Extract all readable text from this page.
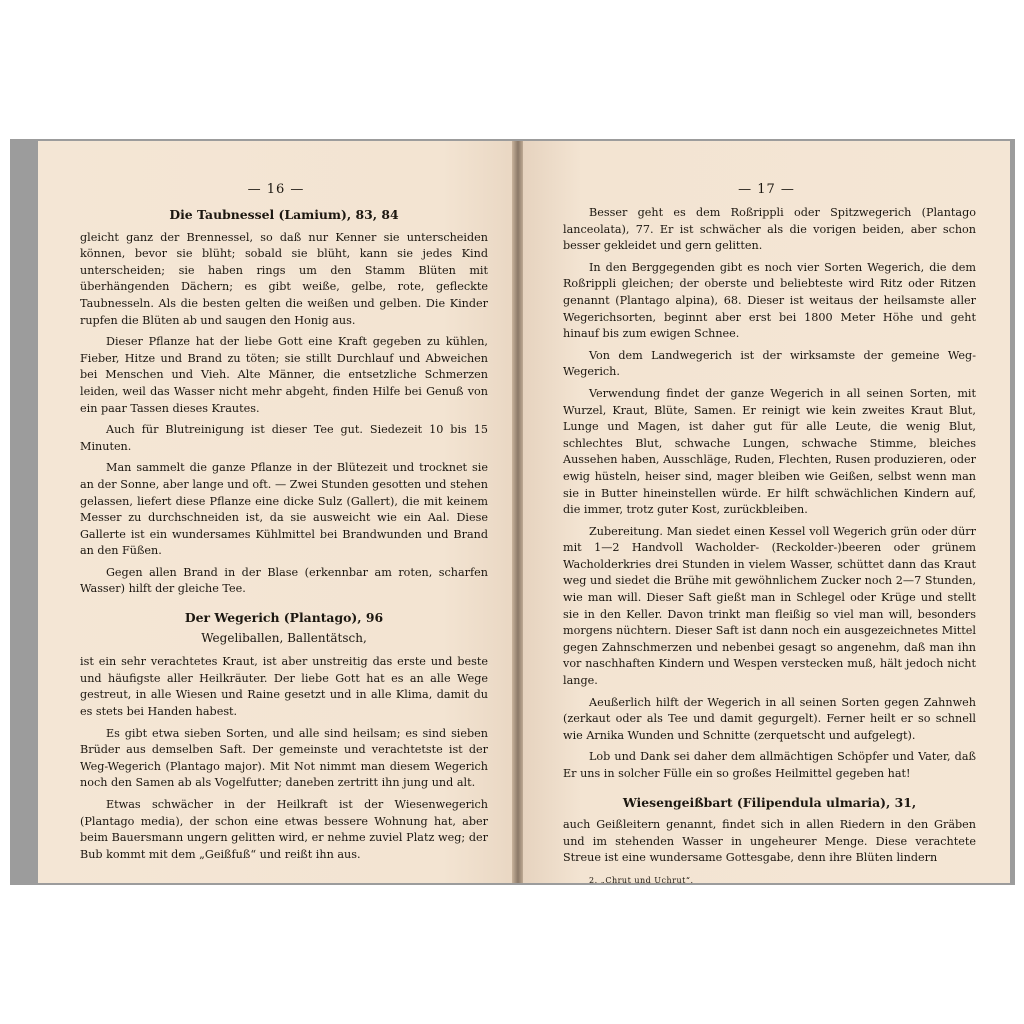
— 16 —
Die Taubnessel (Lamium), 83, 84

gleicht ganz der Brennessel, so daß nur Kenner sie unterscheiden können, bevor sie blüht; sobald sie blüht, kann sie jedes Kind unterscheiden; sie haben rings um den Stamm Blüten mit überhängenden Dächern; es gibt weiße, gelbe, rote, gefleckte Taubnesseln. Als die besten gelten die weißen und gelben. Die Kinder rupfen die Blüten ab und saugen den Honig aus.

Dieser Pflanze hat der liebe Gott eine Kraft gegeben zu kühlen, Fieber, Hitze und Brand zu töten; sie stillt Durchlauf und Abweichen bei Menschen und Vieh. Alte Männer, die entsetzliche Schmerzen leiden, weil das Wasser nicht mehr abgeht, finden Hilfe bei Genuß von ein paar Tassen dieses Krautes.

Auch für Blutreinigung ist dieser Tee gut. Siedezeit 10 bis 15 Minuten.

Man sammelt die ganze Pflanze in der Blütezeit und trocknet sie an der Sonne, aber lange und oft. — Zwei Stunden gesotten und stehen gelassen, liefert diese Pflanze eine dicke Sulz (Gallert), die mit keinem Messer zu durchschneiden ist, da sie ausweicht wie ein Aal. Diese Gallerte ist ein wundersames Kühlmittel bei Brandwunden und Brand an den Füßen.

Gegen allen Brand in der Blase (erkennbar am roten, scharfen Wasser) hilft der gleiche Tee.

Der Wegerich (Plantago), 96
Wegeliballen, Ballentätsch,

ist ein sehr verachtetes Kraut, ist aber unstreitig das erste und beste und häufigste aller Heilkräuter. Der liebe Gott hat es an alle Wege gestreut, in alle Wiesen und Raine gesetzt und in alle Klima, damit du es stets bei Handen habest.

Es gibt etwa sieben Sorten, und alle sind heilsam; es sind sieben Brüder aus demselben Saft. Der gemeinste und verachtetste ist der Weg-Wegerich (Plantago major). Mit Not nimmt man diesem Wegerich noch den Samen ab als Vogelfutter; daneben zertritt ihn jung und alt.

Etwas schwächer in der Heilkraft ist der Wiesenwegerich (Plantago media), der schon eine etwas bessere Wohnung hat, aber beim Bauersmann ungern gelitten wird, er nehme zuviel Platz weg; der Bub kommt mit dem „Geißfuß“ und reißt ihn aus.

— 17 —

Besser geht es dem Roßrippli oder Spitzwegerich (Plantago lanceolata), 77. Er ist schwächer als die vorigen beiden, aber schon besser gekleidet und gern gelitten.

In den Berggegenden gibt es noch vier Sorten Wegerich, die dem Roßrippli gleichen; der oberste und beliebteste wird Ritz oder Ritzen genannt (Plantago alpina), 68. Dieser ist weitaus der heilsamste aller Wegerichsorten, beginnt aber erst bei 1800 Meter Höhe und geht hinauf bis zum ewigen Schnee.

Von dem Landwegerich ist der wirksamste der gemeine Weg-Wegerich.

Verwendung findet der ganze Wegerich in all seinen Sorten, mit Wurzel, Kraut, Blüte, Samen. Er reinigt wie kein zweites Kraut Blut, Lunge und Magen, ist daher gut für alle Leute, die wenig Blut, schlechtes Blut, schwache Lungen, schwache Stimme, bleiches Aussehen haben, Ausschläge, Ruden, Flechten, Rusen produzieren, oder ewig hüsteln, heiser sind, mager bleiben wie Geißen, selbst wenn man sie in Butter hineinstellen würde. Er hilft schwächlichen Kindern auf, die immer, trotz guter Kost, zurückbleiben.

Zubereitung. Man siedet einen Kessel voll Wegerich grün oder dürr mit 1—2 Handvoll Wacholder- (Reckolder-)beeren oder grünem Wacholderkries drei Stunden in vielem Wasser, schüttet dann das Kraut weg und siedet die Brühe mit gewöhnlichem Zucker noch 2—7 Stunden, wie man will. Dieser Saft gießt man in Schlegel oder Krüge und stellt sie in den Keller. Davon trinkt man fleißig so viel man will, besonders morgens nüchtern. Dieser Saft ist dann noch ein ausgezeichnetes Mittel gegen Zahnschmerzen und nebenbei gesagt so angenehm, daß man ihn vor naschhaften Kindern und Wespen verstecken muß, hält jedoch nicht lange.

Aeußerlich hilft der Wegerich in all seinen Sorten gegen Zahnweh (zerkaut oder als Tee und damit gegurgelt). Ferner heilt er so schnell wie Arnika Wunden und Schnitte (zerquetscht und aufgelegt).

Lob und Dank sei daher dem allmächtigen Schöpfer und Vater, daß Er uns in solcher Fülle ein so großes Heilmittel gegeben hat!

Wiesengeißbart (Filipendula ulmaria), 31,

auch Geißleitern genannt, findet sich in allen Riedern in den Gräben und im stehenden Wasser in ungeheurer Menge. Diese verachtete Streue ist eine wundersame Gottesgabe, denn ihre Blüten lindern

2. „Chrut und Uchrut“.
